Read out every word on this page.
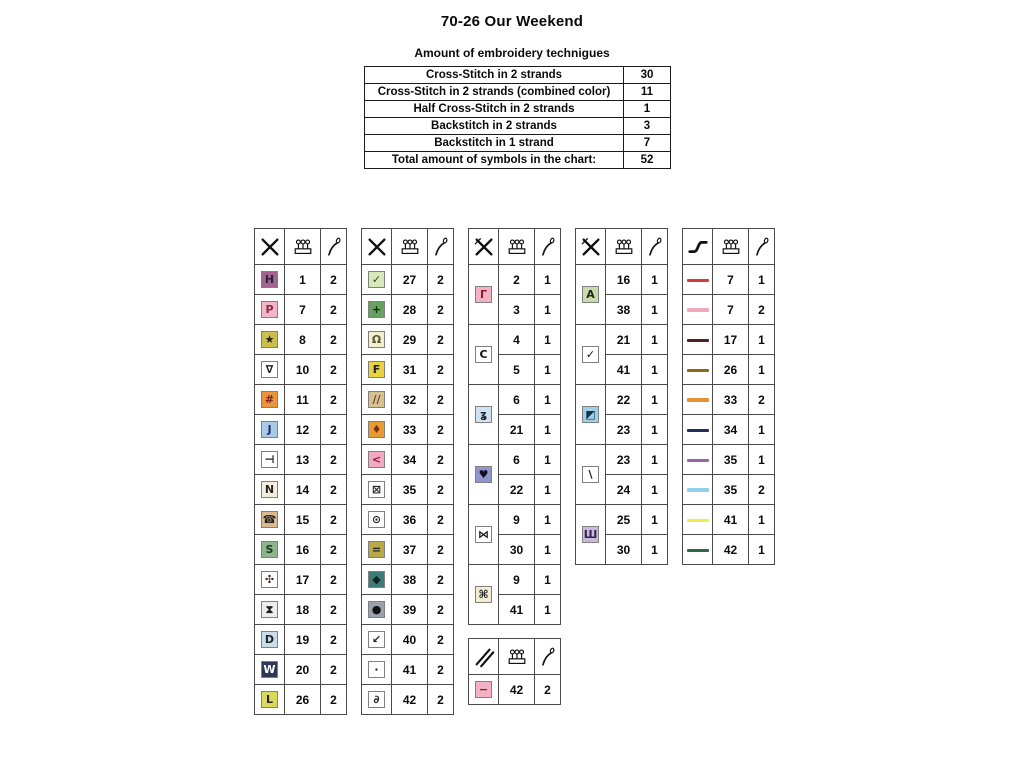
70-26 Our Weekend
Amount of embroidery technigues
Cross-Stitch in 2 strands	30
Cross-Stitch in 2 strands (combined color)	11
Half Cross-Stitch in 2 strands	1
Backstitch in 2 strands	3
Backstitch in 1 strand	7
Total amount of symbols in the chart:	52

H	1	2
P	7	2
★	8	2
∇	10	2
#	11	2
J	12	2
⊣	13	2
N	14	2
☎	15	2
S	16	2
✣	17	2
⧗	18	2
D	19	2
W	20	2
L	26	2

✓	27	2
+	28	2
Ω	29	2
F	31	2
∕∕	32	2
♦	33	2
<	34	2
⊠	35	2
⊙	36	2
=	37	2
◆	38	2
●	39	2
↙	40	2
·	41	2
∂	42	2

Γ	2	1
	3	1
C	4	1
	5	1
ʓ	6	1
	21	1
♥	6	1
	22	1
⋈	9	1
	30	1
⌘	9	1
	41	1

A	16	1
	38	1
✓	21	1
	41	1
◩	22	1
	23	1
\	23	1
	24	1
Ш	25	1
	30	1

	7	1
	7	2
	17	1
	26	1
	33	2
	34	1
	35	1
	35	2
	41	1
	42	1

−	42	2
